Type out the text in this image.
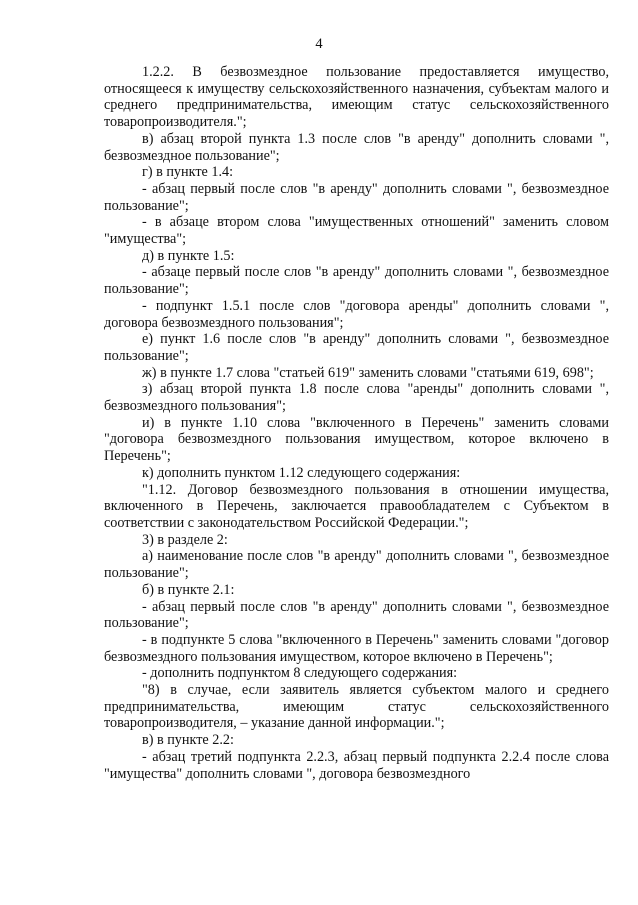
4

1.2.2. В безвозмездное пользование предоставляется имущество, относящееся к имуществу сельскохозяйственного назначения, субъектам малого и среднего предпринимательства, имеющим статус сельскохозяйственного товаропроизводителя.";

в) абзац второй пункта 1.3 после слов "в аренду" дополнить словами ", безвозмездное пользование";

г) в пункте 1.4:

- абзац первый после слов "в аренду" дополнить словами ", безвозмездное пользование";

- в абзаце втором слова "имущественных отношений" заменить словом "имущества";

д) в пункте 1.5:

- абзаце первый после слов "в аренду" дополнить словами ", безвозмездное пользование";

- подпункт 1.5.1 после слов "договора аренды" дополнить словами ", договора безвозмездного пользования";

е) пункт 1.6 после слов "в аренду" дополнить словами ", безвозмездное пользование";

ж) в пункте 1.7 слова "статьей 619" заменить словами "статьями 619, 698";

з) абзац второй пункта 1.8 после слова "аренды" дополнить словами ", безвозмездного пользования";

и) в пункте 1.10 слова "включенного в Перечень" заменить словами "договора безвозмездного пользования имуществом, которое включено в Перечень";

к) дополнить пунктом 1.12 следующего содержания:

"1.12. Договор безвозмездного пользования в отношении имущества, включенного в Перечень, заключается правообладателем с Субъектом в соответствии с законодательством Российской Федерации.";

3) в разделе 2:

а) наименование после слов "в аренду" дополнить словами ", безвозмездное пользование";

б) в пункте 2.1:

- абзац первый после слов "в аренду" дополнить словами ", безвозмездное пользование";

- в подпункте 5 слова "включенного в Перечень" заменить словами "договор безвозмездного пользования имуществом, которое включено в Перечень";

- дополнить подпунктом 8 следующего содержания:

"8) в случае, если заявитель является субъектом малого и среднего предпринимательства, имеющим статус сельскохозяйственного товаропроизводителя, – указание данной информации.";

в) в пункте 2.2:

- абзац третий подпункта 2.2.3, абзац первый подпункта 2.2.4 после слова "имущества" дополнить словами ", договора безвозмездного
